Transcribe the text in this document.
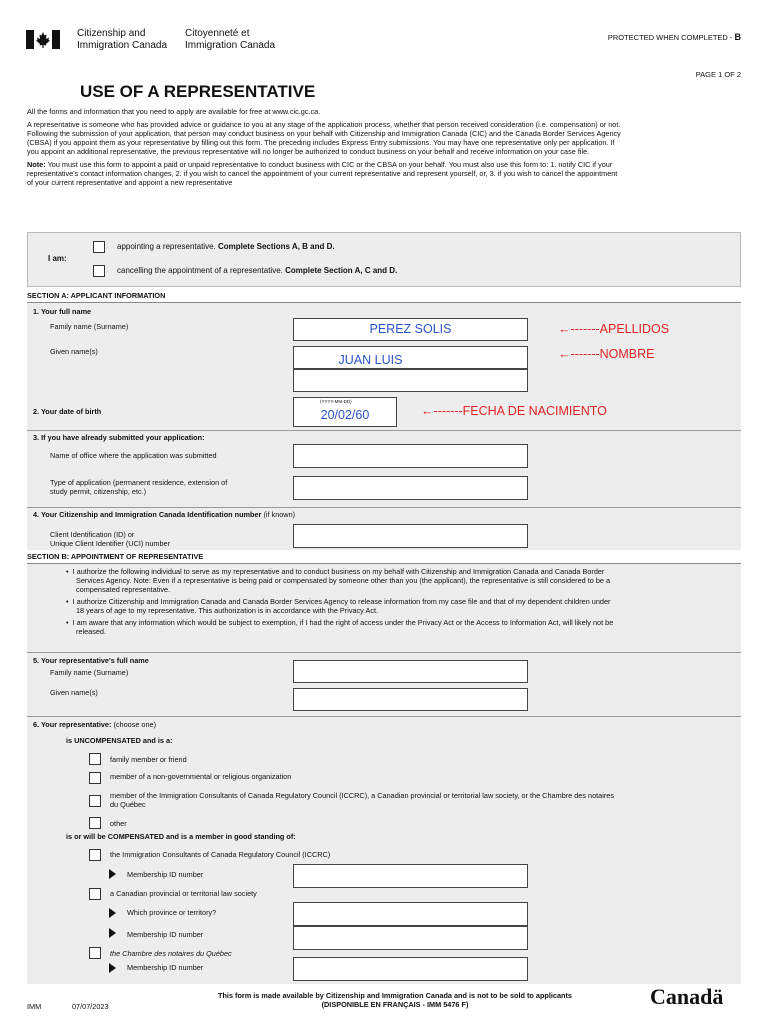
Citizenship and
Immigration Canada
Citoyenneté et
Immigration Canada
PROTECTED WHEN COMPLETED - B
PAGE 1 OF 2
USE OF A REPRESENTATIVE

All the forms and information that you need to apply are available for free at www.cic.gc.ca.

A representative is someone who has provided advice or guidance to you at any stage of the application process, whether that person received consideration (i.e. compensation) or not.

Following the submission of your application, that person may conduct business on your behalf with Citizenship and Immigration Canada (CIC) and the Canada Border Services Agency

(CBSA) if you appoint them as your representative by filling out this form. The preceding includes Express Entry submissions. You may have one representative only per application. If

you appoint an additional representative, the previous representative will no longer be authorized to conduct business on your behalf and receive information on your case file.

Note: You must use this form to appoint a paid or unpaid representative to conduct business with CIC or the CBSA on your behalf. You must also use this form to: 1. notify CIC if your

representative's contact information changes, 2. if you wish to cancel the appointment of your current representative and represent yourself, or, 3. if you wish to cancel the appointment

of your current representative and appoint a new representative

I am:
appointing a representative. Complete Sections A, B and D.
cancelling the appointment of a representative. Complete Section A, C and D.
SECTION A: APPLICANT INFORMATION
1. Your full name
Family name (Surname)	PEREZ SOLIS
Given name(s)
JUAN LUIS
←-------APELLIDOS
←-------NOMBRE
2. Your date of birth
(YYYY-MM-DD)
20/02/60	←-------FECHA DE NACIMIENTO
3. If you have already submitted your application:
Name of office where the application was submitted
Type of application (permanent residence, extension of
study permit, citizenship, etc.)
4. Your Citizenship and Immigration Canada Identification number (if known)
Client Identification (ID) or
Unique Client Identifier (UCI) number
SECTION B: APPOINTMENT OF REPRESENTATIVE

•  I authorize the following individual to serve as my representative and to conduct business on my behalf with Citizenship and Immigration Canada and Canada Border

Services Agency. Note: Even if a representative is being paid or compensated by someone other than you (the applicant), the representative is still considered to be a

compensated representative.

•  I authorize Citizenship and Immigration Canada and Canada Border Services Agency to release information from my case file and that of my dependent children under

18 years of age to my representative. This authorization is in accordance with the Privacy Act.

•  I am aware that any information which would be subject to exemption, if I had the right of access under the Privacy Act or the Access to Information Act, will likely not be

released.

5. Your representative's full name
Family name (Surname)
Given name(s)
6. Your representative: (choose one)
is UNCOMPENSATED and is a:
family member or friend
member of a non-governmental or religious organization
member of the Immigration Consultants of Canada Regulatory Council (ICCRC), a Canadian provincial or territorial law society, or the Chambre des notaires
du Québec
other
is or will be COMPENSATED and is a member in good standing of:
the Immigration Consultants of Canada Regulatory Council (ICCRC)
Membership ID number
a Canadian provincial or territorial law society
Which province or territory?
Membership ID number
the Chambre des notaires du Québec
Membership ID number
IMM	07/07/2023
This form is made available by Citizenship and Immigration Canada and is not to be sold to applicants
(DISPONIBLE EN FRANÇAIS - IMM 5476 F)	Canadä
